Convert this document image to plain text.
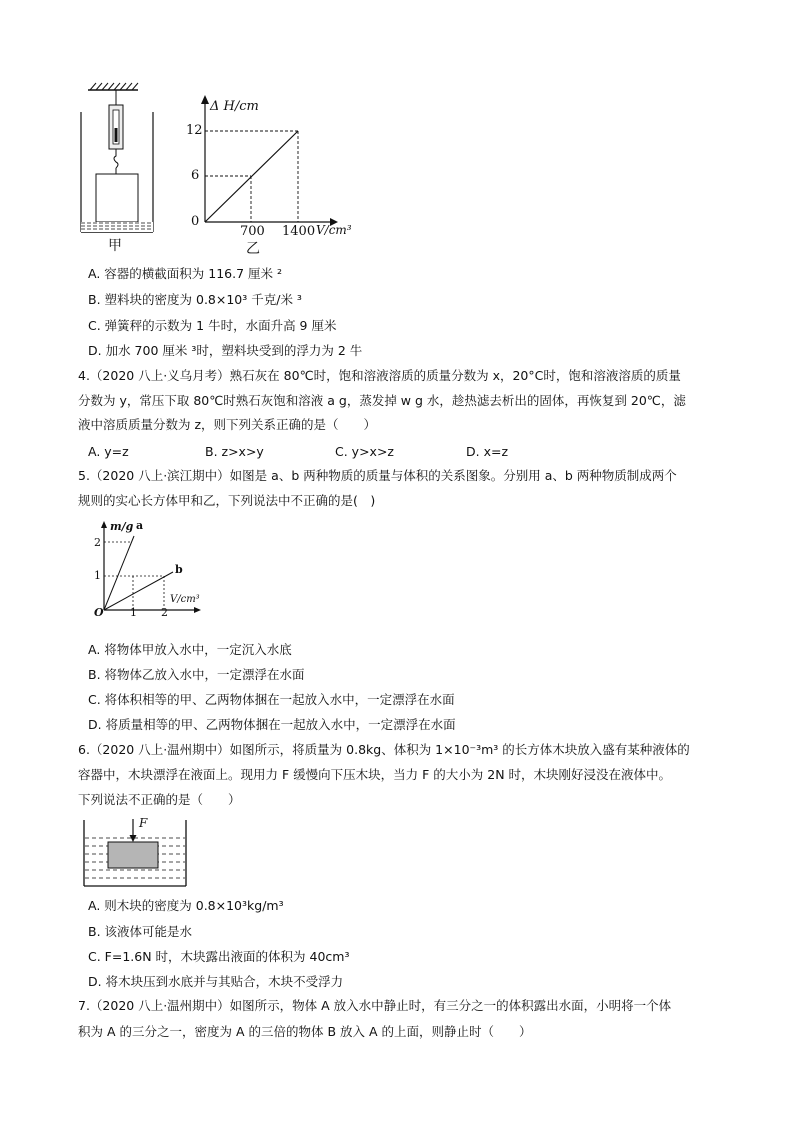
甲
Δ H/cm
12
6
0
700 1400 V/cm³
乙
A. 容器的横截面积为 116.7 厘米 ²
B. 塑料块的密度为 0.8×10³ 千克/米 ³
C. 弹簧秤的示数为 1 牛时，水面升高 9 厘米
D. 加水 700 厘米 ³时，塑料块受到的浮力为 2 牛
4.（2020 八上·义乌月考）熟石灰在 80℃时，饱和溶液溶质的质量分数为 x，20°C时，饱和溶液溶质的质量
分数为 y，常压下取 80℃时熟石灰饱和溶液 a g，蒸发掉 w g 水，趁热滤去析出的固体，再恢复到 20℃，滤
液中溶质质量分数为 z，则下列关系正确的是（　　）
A. y=z	B. z>x>y	C. y>x>z	D. x=z
5.（2020 八上·滨江期中）如图是 a、b 两种物质的质量与体积的关系图象。分别用 a、b 两种物质制成两个
规则的实心长方体甲和乙，下列说法中不正确的是(　)
m/g a
2
1	b
V/cm³
O 1 2
A. 将物体甲放入水中，一定沉入水底
B. 将物体乙放入水中，一定漂浮在水面
C. 将体积相等的甲、乙两物体捆在一起放入水中，一定漂浮在水面
D. 将质量相等的甲、乙两物体捆在一起放入水中，一定漂浮在水面
6.（2020 八上·温州期中）如图所示，将质量为 0.8kg、体积为 1×10⁻³m³ 的长方体木块放入盛有某种液体的
容器中，木块漂浮在液面上。现用力 F 缓慢向下压木块，当力 F 的大小为 2N 时，木块刚好浸没在液体中。
下列说法不正确的是（　　）
F
A. 则木块的密度为 0.8×10³kg/m³
B. 该液体可能是水
C. F=1.6N 时，木块露出液面的体积为 40cm³
D. 将木块压到水底并与其贴合，木块不受浮力
7.（2020 八上·温州期中）如图所示，物体 A 放入水中静止时，有三分之一的体积露出水面，小明将一个体
积为 A 的三分之一，密度为 A 的三倍的物体 B 放入 A 的上面，则静止时（　　）
